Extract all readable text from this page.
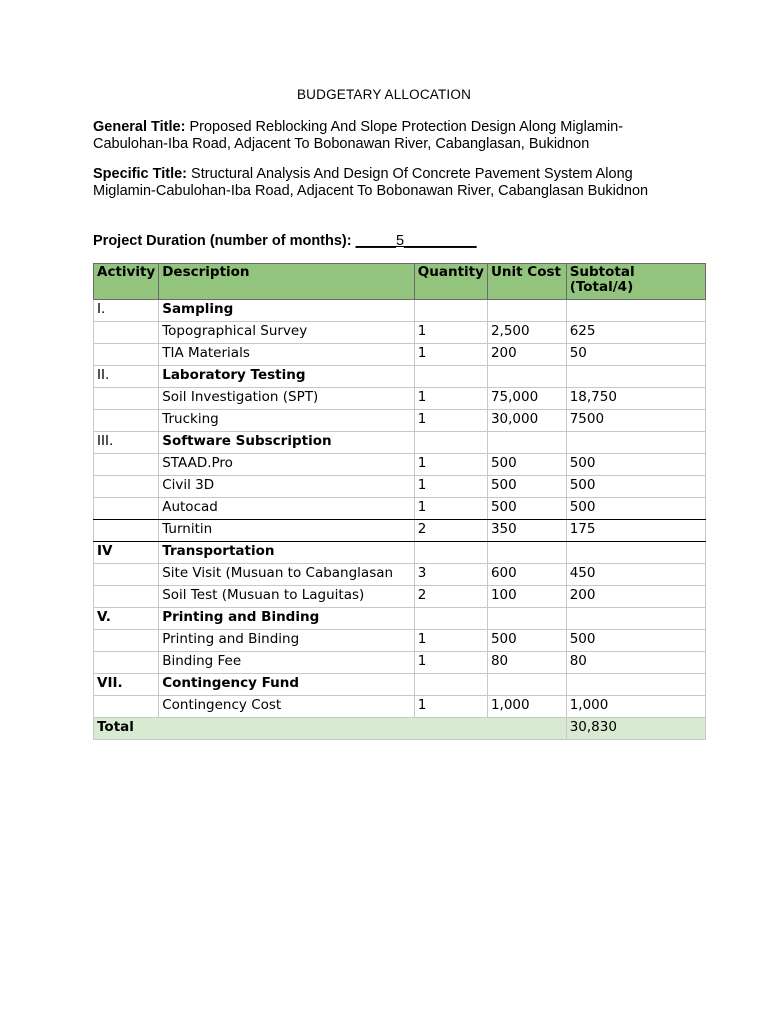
BUDGETARY ALLOCATION
General Title: Proposed Reblocking And Slope Protection Design Along Miglamin-Cabulohan-Iba Road, Adjacent To Bobonawan River, Cabanglasan, Bukidnon
Specific Title: Structural Analysis And Design Of Concrete Pavement System Along Miglamin-Cabulohan-Iba Road, Adjacent To Bobonawan River, Cabanglasan Bukidnon
Project Duration (number of months): _____5_________
Activity	Description	Quantity	Unit Cost	Subtotal (Total/4)
I.	Sampling			
	Topographical Survey	1	2,500	625
	TIA Materials	1	200	50
II.	Laboratory Testing			
	Soil Investigation (SPT)	1	75,000	18,750
	Trucking	1	30,000	7500
III.	Software Subscription			
	STAAD.Pro	1	500	500
	Civil 3D	1	500	500
	Autocad	1	500	500
	Turnitin	2	350	175
IV	Transportation			
	Site Visit (Musuan to Cabanglasan	3	600	450
	Soil Test (Musuan to Laguitas)	2	100	200
V.	Printing and Binding			
	Printing and Binding	1	500	500
	Binding Fee	1	80	80
VII.	Contingency Fund			
	Contingency Cost	1	1,000	1,000
Total				30,830
